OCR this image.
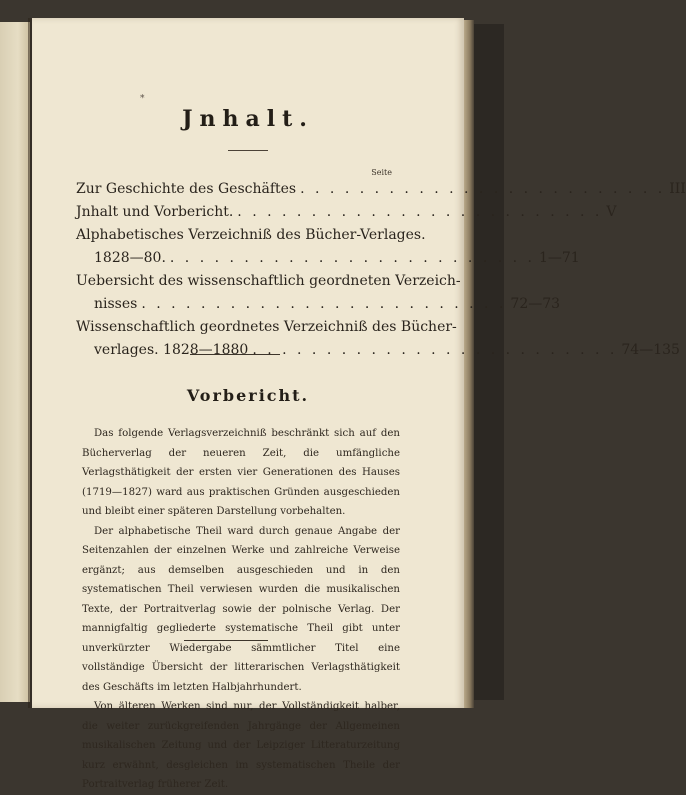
*
Jnhalt.
Seite
Zur Geschichte des Geschäftes . . . . . . . . . . . . . . . . . . . . . . . . . III
Jnhalt und Vorbericht. . . . . . . . . . . . . . . . . . . . . . . . . . V
Alphabetisches Verzeichniß des Bücher-Verlages.
1828—80. . . . . . . . . . . . . . . . . . . . . . . . . . 1—71
Uebersicht des wissenschaftlich geordneten Verzeich-
nisses . . . . . . . . . . . . . . . . . . . . . . . . . 72—73
Wissenschaftlich geordnetes Verzeichniß des Bücher-
verlages. 1828—1880 . . . . . . . . . . . . . . . . . . . . . . . . . 74—135
Vorbericht.

Das folgende Verlagsverzeichniß beschränkt sich auf den Bücherverlag der neueren Zeit, die umfängliche Verlagsthätigkeit der ersten vier Generationen des Hauses (1719—1827) ward aus praktischen Gründen ausgeschieden und bleibt einer späteren Darstellung vorbehalten.

Der alphabetische Theil ward durch genaue Angabe der Seitenzahlen der einzelnen Werke und zahlreiche Verweise ergänzt; aus demselben ausgeschieden und in den systematischen Theil verwiesen wurden die musikalischen Texte, der Portraitverlag sowie der polnische Verlag. Der mannigfaltig gegliederte systematische Theil gibt unter unverkürzter Wiedergabe sämmtlicher Titel eine vollständige Übersicht der litterarischen Verlagsthätigkeit des Geschäfts im letzten Halbjahrhundert.

Von älteren Werken sind nur, der Vollständigkeit halber, die weiter zurückgreifenden Jahrgänge der Allgemeinen musikalischen Zeitung und der Leipziger Litteraturzeitung kurz erwähnt, desgleichen im systematischen Theile der Portraitverlag früherer Zeit.
